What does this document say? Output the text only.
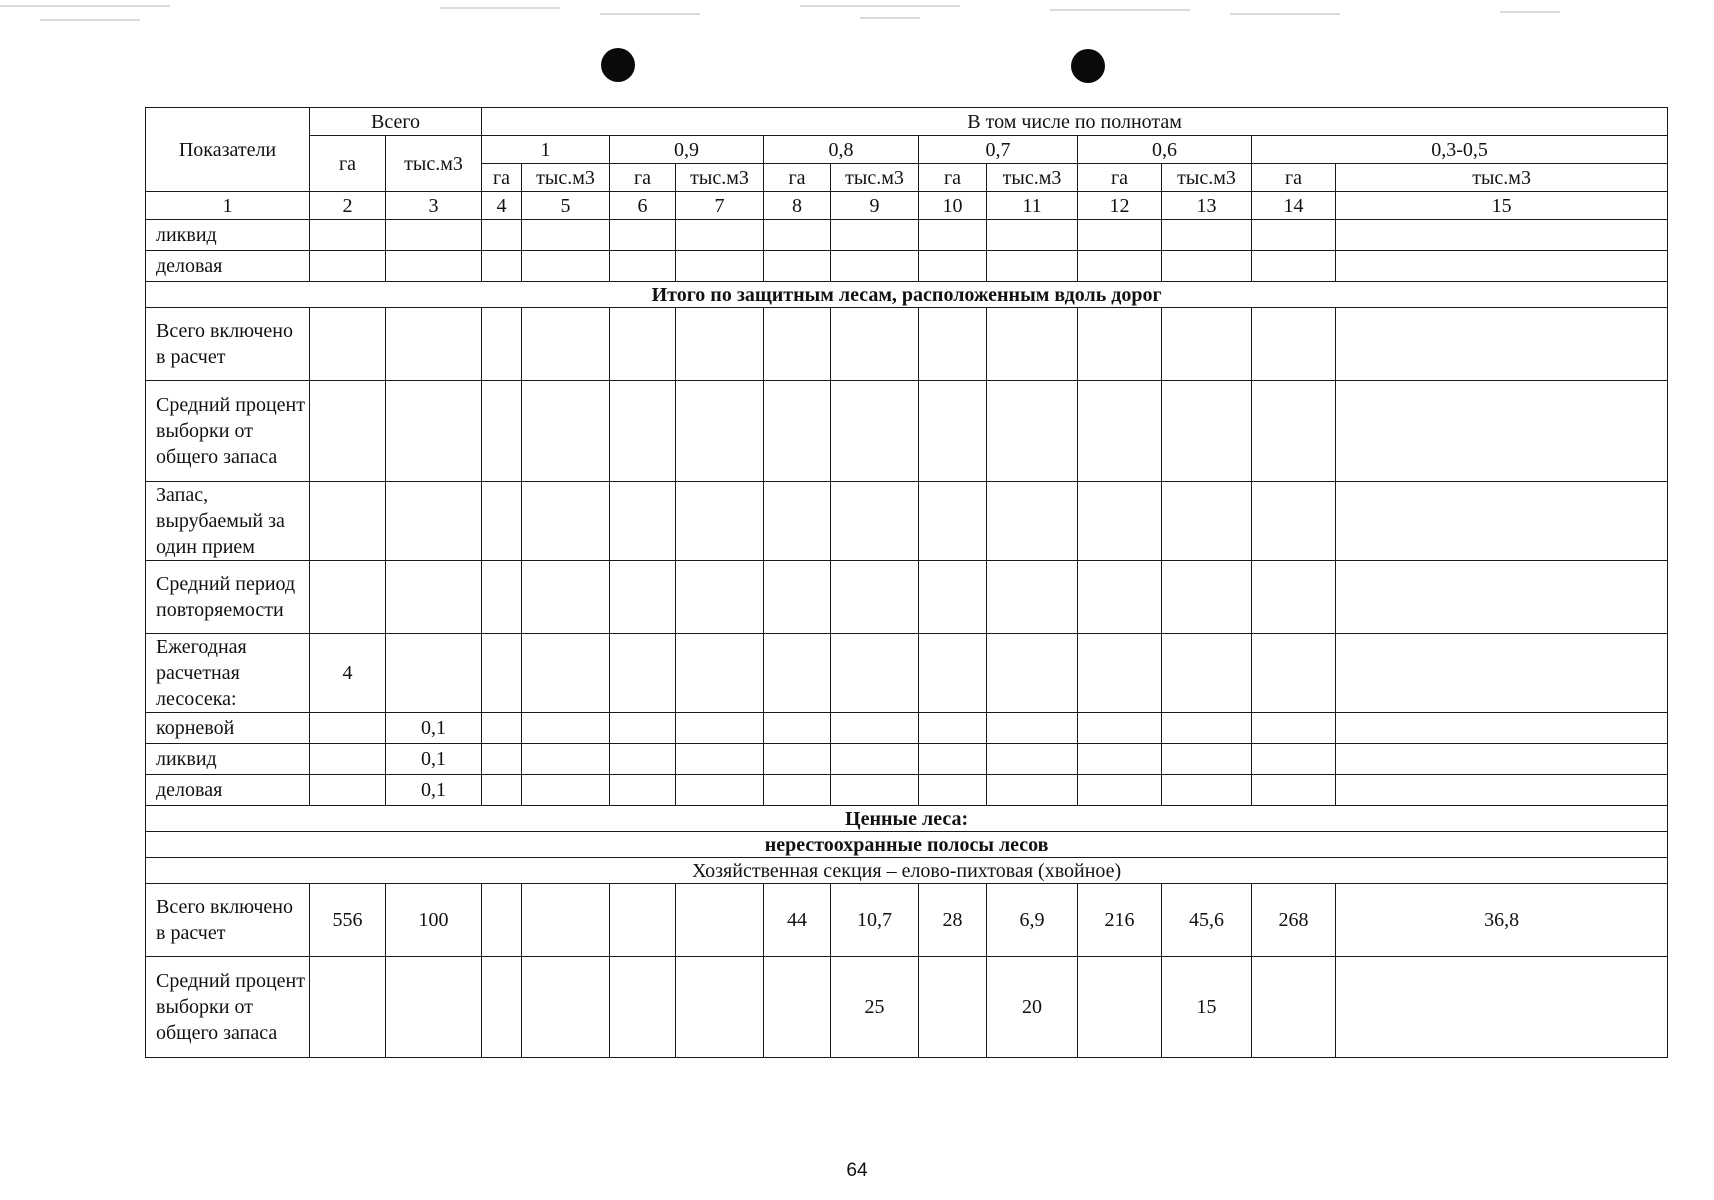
Показатели	Всего		В том числе по полнотам											
	га	тыс.м3	1		0,9		0,8		0,7		0,6		0,3-0,5	
			га	тыс.м3	га	тыс.м3	га	тыс.м3	га	тыс.м3	га	тыс.м3	га	тыс.м3
1	2	3	4	5	6	7	8	9	10	11	12	13	14	15
ликвид														
деловая														
Итого по защитным лесам, расположенным вдоль дорог														
Всего включено в расчет														
Средний процент выборки от общего запаса														
Запас, вырубаемый за один прием														
Средний период повторяемости														
Ежегодная расчетная лесосека:	4													
корневой		0,1												
ликвид		0,1												
деловая		0,1												
Ценные леса:														
нерестоохранные полосы лесов														
Хозяйственная секция – елово-пихтовая (хвойное)														
Всего включено в расчет	556	100					44	10,7	28	6,9	216	45,6	268	36,8
Средний процент выборки от общего запаса								25		20		15		
64
